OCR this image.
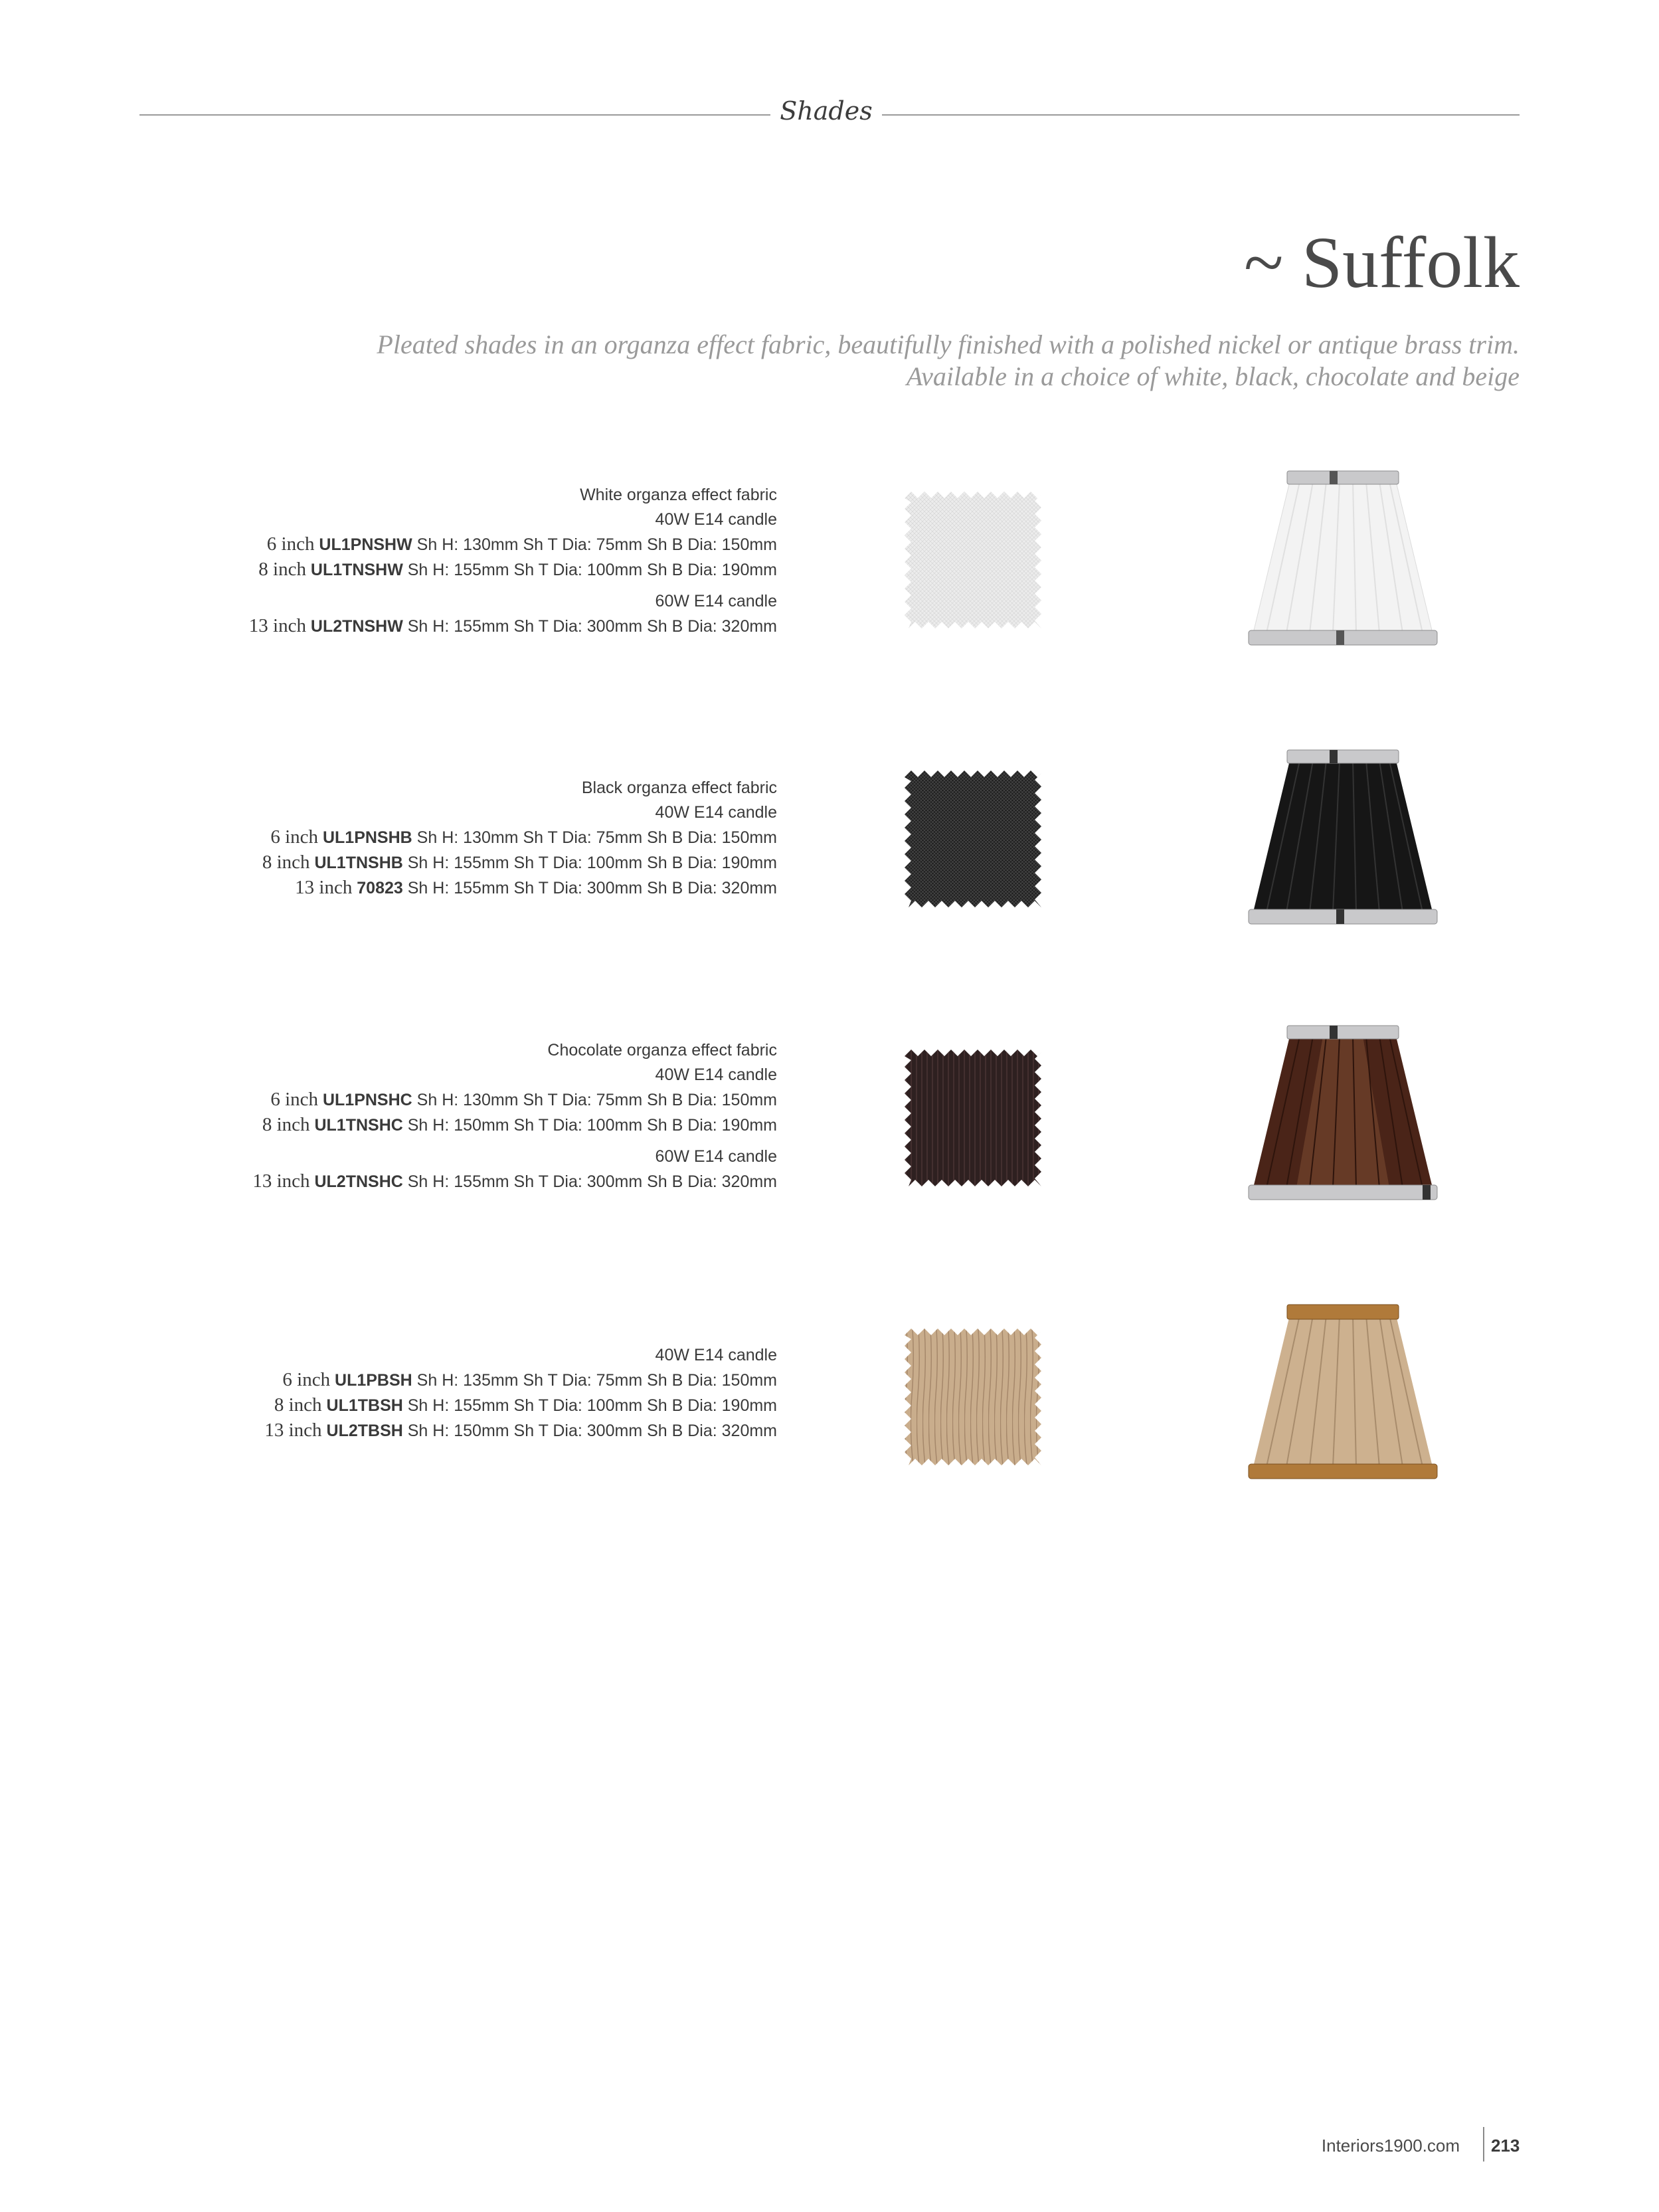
Shades
~ Suffolk
Pleated shades in an organza effect fabric, beautifully finished with a polished nickel or antique brass trim.
Available in a choice of white, black, chocolate and beige
White organza effect fabric
40W E14 candle
6 inch UL1PNSHW Sh H: 130mm Sh T Dia: 75mm Sh B Dia: 150mm
8 inch UL1TNSHW Sh H: 155mm Sh T Dia: 100mm Sh B Dia: 190mm
60W E14 candle
13 inch UL2TNSHW Sh H: 155mm Sh T Dia: 300mm Sh B Dia: 320mm
Black organza effect fabric
40W E14 candle
6 inch UL1PNSHB Sh H: 130mm Sh T Dia: 75mm Sh B Dia: 150mm
8 inch UL1TNSHB Sh H: 155mm Sh T Dia: 100mm Sh B Dia: 190mm
13 inch 70823 Sh H: 155mm Sh T Dia: 300mm Sh B Dia: 320mm
Chocolate organza effect fabric
40W E14 candle
6 inch UL1PNSHC Sh H: 130mm Sh T Dia: 75mm Sh B Dia: 150mm
8 inch UL1TNSHC Sh H: 150mm Sh T Dia: 100mm Sh B Dia: 190mm
60W E14 candle
13 inch UL2TNSHC Sh H: 155mm Sh T Dia: 300mm Sh B Dia: 320mm
40W E14 candle
6 inch UL1PBSH Sh H: 135mm Sh T Dia: 75mm Sh B Dia: 150mm
8 inch UL1TBSH Sh H: 155mm Sh T Dia: 100mm Sh B Dia: 190mm
13 inch UL2TBSH Sh H: 150mm Sh T Dia: 300mm Sh B Dia: 320mm
Interiors1900.com 213
